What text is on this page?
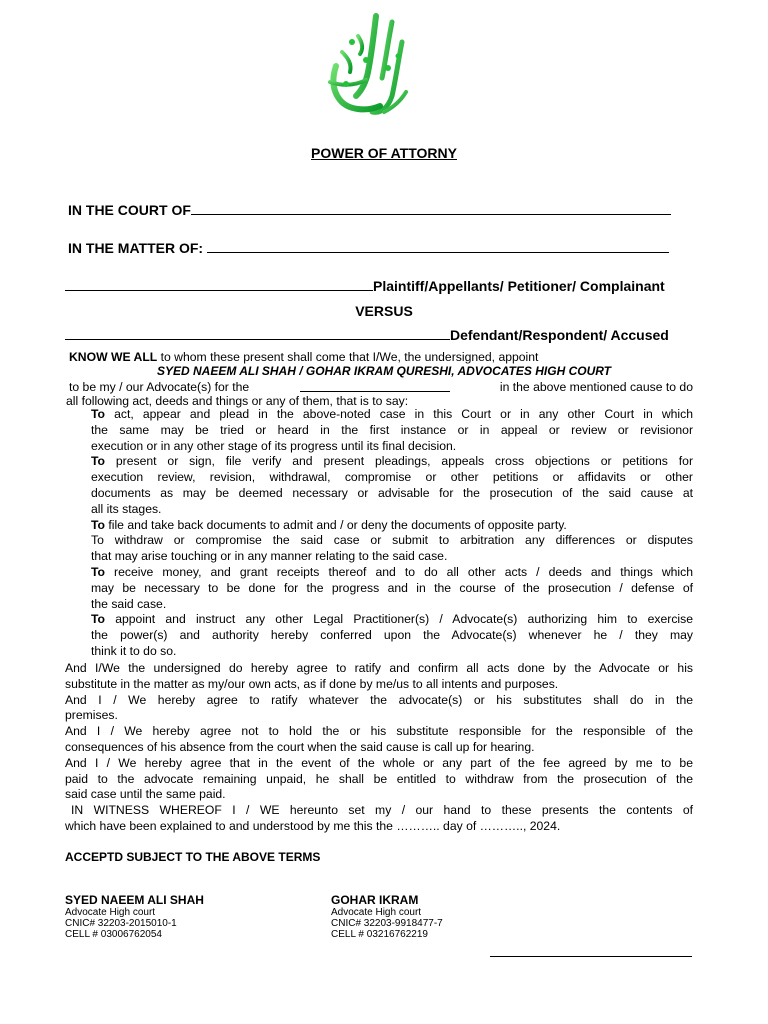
POWER OF ATTORNY
IN THE COURT OF
IN THE MATTER OF:
Plaintiff/Appellants/ Petitioner/ Complainant
VERSUS
Defendant/Respondent/ Accused
KNOW WE ALL to whom these present shall come that I/We, the undersigned, appoint
SYED NAEEM ALI SHAH / GOHAR IKRAM QURESHI, ADVOCATES HIGH COURT
to be my / our Advocate(s) for the	in the above mentioned cause to do
all following act, deeds and things or any of them, that is to say:
To act, appear and plead in the above-noted case in this Court or in any other Court in which
the same may be tried or heard in the first instance or in appeal or review or revisionor
execution or in any other stage of its progress until its final decision.
To present or sign, file verify and present pleadings, appeals cross objections or petitions for
execution review, revision, withdrawal, compromise or other petitions or affidavits or other
documents as may be deemed necessary or advisable for the prosecution of the said cause at
all its stages.
To file and take back documents to admit and / or deny the documents of opposite party.
To withdraw or compromise the said case or submit to arbitration any differences or disputes
that may arise touching or in any manner relating to the said case.
To receive money, and grant receipts thereof and to do all other acts / deeds and things which
may be necessary to be done for the progress and in the course of the prosecution / defense of
the said case.
To appoint and instruct any other Legal Practitioner(s) / Advocate(s) authorizing him to exercise
the power(s) and authority hereby conferred upon the Advocate(s) whenever he / they may
think it to do so.
And I/We the undersigned do hereby agree to ratify and confirm all acts done by the Advocate or his
substitute in the matter as my/our own acts, as if done by me/us to all intents and purposes.
And I / We hereby agree to ratify whatever the advocate(s) or his substitutes shall do in the
premises.
And I / We hereby agree not to hold the or his substitute responsible for the responsible of the
consequences of his absence from the court when the said cause is call up for hearing.
And I / We hereby agree that in the event of the whole or any part of the fee agreed by me to be
paid to the advocate remaining unpaid, he shall be entitled to withdraw from the prosecution of the
said case until the same paid.
IN WITNESS WHEREOF I / WE hereunto set my / our hand to these presents the contents of
which have been explained to and understood by me this the ……….. day of ……….., 2024.
ACCEPTD SUBJECT TO THE ABOVE TERMS
SYED NAEEM ALI SHAH
Advocate High court
CNIC# 32203-2015010-1
CELL # 03006762054
GOHAR IKRAM
Advocate High court
CNIC# 32203-9918477-7
CELL # 03216762219
